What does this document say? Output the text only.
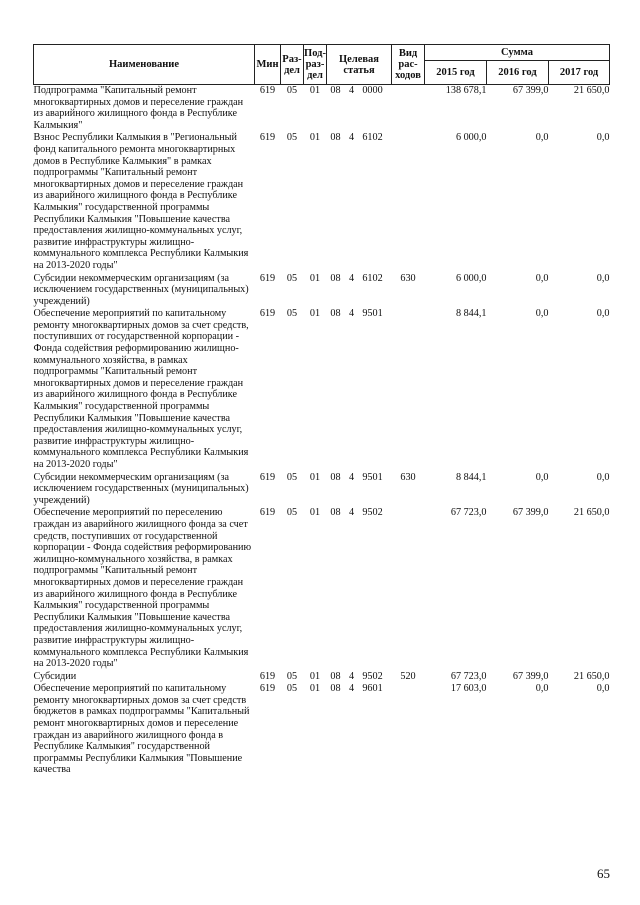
Наименование	Мин	Раз-дел	Под-раз-дел	Целевая статья	Вид рас-ходов	Сумма		
						2015 год	2016 год	2017 год
Подпрограмма "Капитальный ремонт многоквартирных домов и переселение граждан из аварийного жилищного фонда в Республике Калмыкия"	619	05	01	08 4 0000		138 678,1	67 399,0	21 650,0
Взнос Республики Калмыкия в "Региональный фонд капитального ремонта многоквартирных домов в Республике Калмыкия" в рамках подпрограммы "Капитальный ремонт многоквартирных домов и переселение граждан из аварийного жилищного фонда в Республике Калмыкия" государственной программы Республики Калмыкия "Повышение качества предоставления жилищно-коммунальных услуг, развитие инфраструктуры жилищно-коммунального комплекса Республики Калмыкия на 2013-2020 годы"	619	05	01	08 4 6102		6 000,0	0,0	0,0
Субсидии некоммерческим организациям (за исключением государственных (муниципальных) учреждений)	619	05	01	08 4 6102	630	6 000,0	0,0	0,0
Обеспечение мероприятий по капитальному ремонту многоквартирных домов за счет средств, поступивших от государственной корпорации - Фонда содействия реформированию жилищно-коммунального хозяйства, в рамках подпрограммы "Капитальный ремонт многоквартирных домов и переселение граждан из аварийного жилищного фонда в Республике Калмыкия" государственной программы Республики Калмыкия "Повышение качества предоставления жилищно-коммунальных услуг, развитие инфраструктуры жилищно-коммунального комплекса Республики Калмыкия на 2013-2020 годы"	619	05	01	08 4 9501		8 844,1	0,0	0,0
Субсидии некоммерческим организациям (за исключением государственных (муниципальных) учреждений)	619	05	01	08 4 9501	630	8 844,1	0,0	0,0
Обеспечение мероприятий по переселению граждан из аварийного жилищного фонда за счет средств, поступивших от государственной корпорации - Фонда содействия реформированию жилищно-коммунального хозяйства, в рамках подпрограммы "Капитальный ремонт многоквартирных домов и переселение граждан из аварийного жилищного фонда в Республике Калмыкия" государственной программы Республики Калмыкия "Повышение качества предоставления жилищно-коммунальных услуг, развитие инфраструктуры жилищно-коммунального комплекса Республики Калмыкия на 2013-2020 годы"	619	05	01	08 4 9502		67 723,0	67 399,0	21 650,0
Субсидии	619	05	01	08 4 9502	520	67 723,0	67 399,0	21 650,0
Обеспечение мероприятий по капитальному ремонту многоквартирных домов за счет средств бюджетов в рамках подпрограммы "Капитальный ремонт многоквартирных домов и переселение граждан из аварийного жилищного фонда в Республике Калмыкия" государственной программы Республики Калмыкия "Повышение качества	619	05	01	08 4 9601		17 603,0	0,0	0,0
65
